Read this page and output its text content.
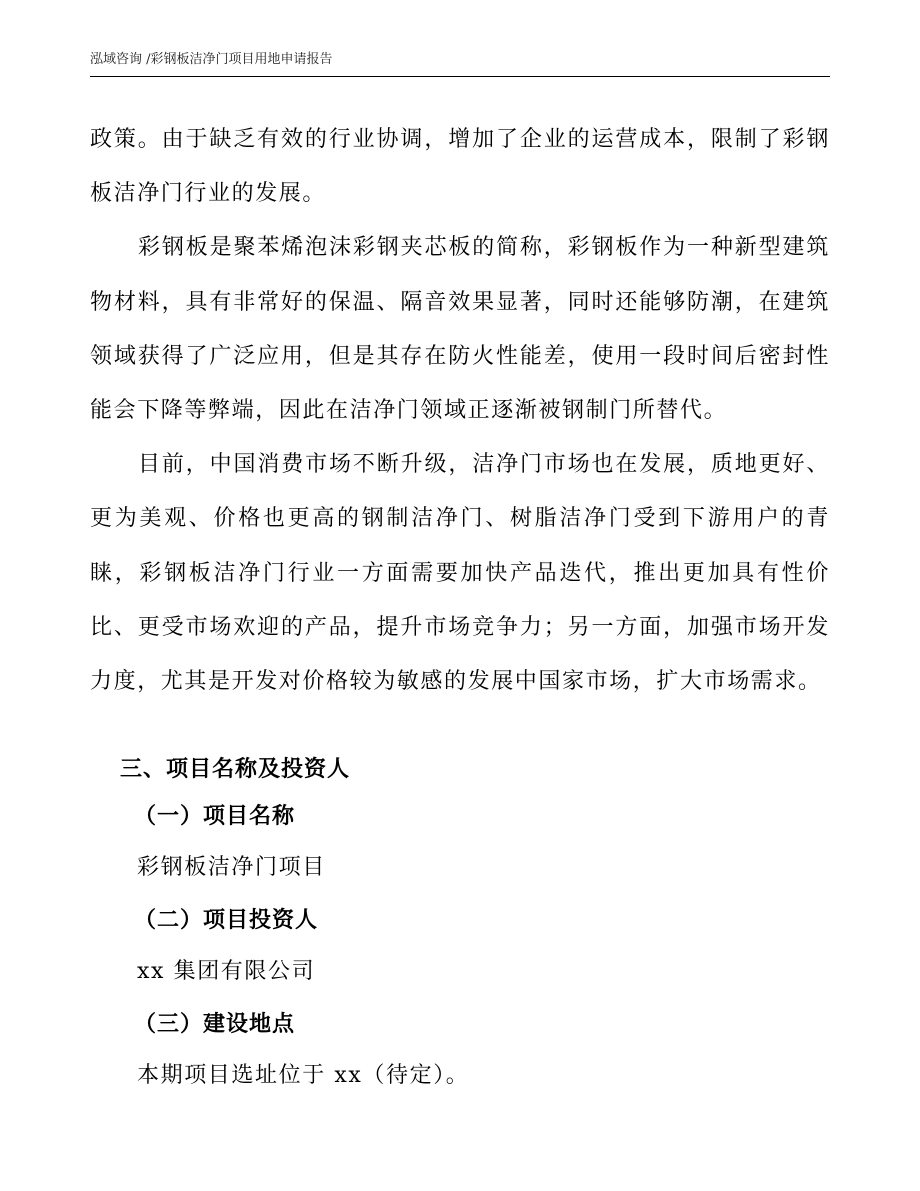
泓域咨询 /彩钢板洁净门项目用地申请报告

政策。由于缺乏有效的行业协调，增加了企业的运营成本，限制了彩钢板洁净门行业的发展。

彩钢板是聚苯烯泡沫彩钢夹芯板的简称，彩钢板作为一种新型建筑物材料，具有非常好的保温、隔音效果显著，同时还能够防潮，在建筑领域获得了广泛应用，但是其存在防火性能差，使用一段时间后密封性能会下降等弊端，因此在洁净门领域正逐渐被钢制门所替代。

目前，中国消费市场不断升级，洁净门市场也在发展，质地更好、更为美观、价格也更高的钢制洁净门、树脂洁净门受到下游用户的青睐，彩钢板洁净门行业一方面需要加快产品迭代，推出更加具有性价比、更受市场欢迎的产品，提升市场竞争力；另一方面，加强市场开发力度，尤其是开发对价格较为敏感的发展中国家市场，扩大市场需求。

三、项目名称及投资人
（一）项目名称
彩钢板洁净门项目
（二）项目投资人
xx 集团有限公司
（三）建设地点
本期项目选址位于 xx（待定）。
